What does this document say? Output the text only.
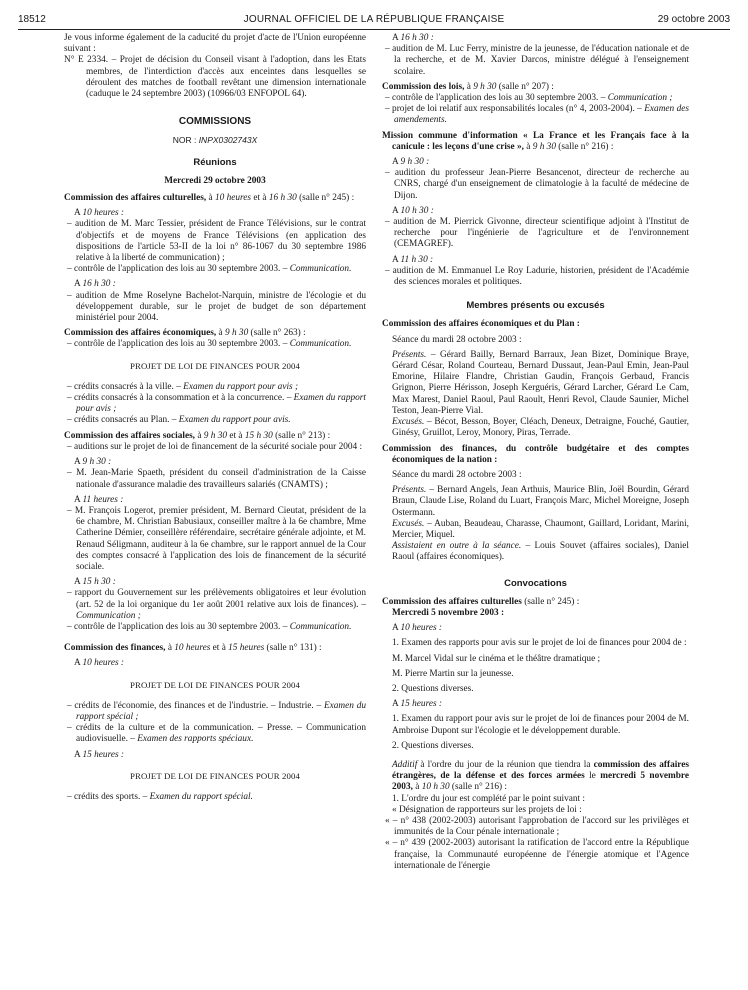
18512	JOURNAL OFFICIEL DE LA RÉPUBLIQUE FRANÇAISE	29 octobre 2003

Je vous informe également de la caducité du projet d'acte de l'Union européenne suivant :

N° E 2334. – Projet de décision du Conseil visant à l'adoption, dans les Etats membres, de l'interdiction d'accès aux enceintes dans lesquelles se déroulent des matches de football revêtant une dimension internationale (caduque le 24 septembre 2003) (10966/03 ENFOPOL 64).

COMMISSIONS

NOR : INPX0302743X

Réunions

Mercredi 29 octobre 2003

Commission des affaires culturelles, à 10 heures et à 16 h 30 (salle n° 245) :

A 10 heures :

– audition de M. Marc Tessier, président de France Télévisions, sur le contrat d'objectifs et de moyens de France Télévisions (en application des dispositions de l'article 53-II de la loi n° 86-1067 du 30 septembre 1986 relative à la liberté de communication) ;

– contrôle de l'application des lois au 30 septembre 2003. – Communication.

A 16 h 30 :

– audition de Mme Roselyne Bachelot-Narquin, ministre de l'écologie et du développement durable, sur le projet de budget de son département ministériel pour 2004.

Commission des affaires économiques, à 9 h 30 (salle n° 263) :

– contrôle de l'application des lois au 30 septembre 2003. – Communication.

PROJET DE LOI DE FINANCES POUR 2004

– crédits consacrés à la ville. – Examen du rapport pour avis ;

– crédits consacrés à la consommation et à la concurrence. – Examen du rapport pour avis ;

– crédits consacrés au Plan. – Examen du rapport pour avis.

Commission des affaires sociales, à 9 h 30 et à 15 h 30 (salle n° 213) :

– auditions sur le projet de loi de financement de la sécurité sociale pour 2004 :

A 9 h 30 :

– M. Jean-Marie Spaeth, président du conseil d'administration de la Caisse nationale d'assurance maladie des travailleurs salariés (CNAMTS) ;

A 11 heures :

– M. François Logerot, premier président, M. Bernard Cieutat, président de la 6e chambre, M. Christian Babusiaux, conseiller maître à la 6e chambre, Mme Catherine Démier, conseillère référendaire, secrétaire générale adjointe, et M. Renaud Séligmann, auditeur à la 6e chambre, sur le rapport annuel de la Cour des comptes consacré à l'application des lois de financement de la sécurité sociale.

A 15 h 30 :

– rapport du Gouvernement sur les prélèvements obligatoires et leur évolution (art. 52 de la loi organique du 1er août 2001 relative aux lois de finances). – Communication ;

– contrôle de l'application des lois au 30 septembre 2003. – Communication.

Commission des finances, à 10 heures et à 15 heures (salle n° 131) :

A 10 heures :

PROJET DE LOI DE FINANCES POUR 2004

– crédits de l'économie, des finances et de l'industrie. – Industrie. – Examen du rapport spécial ;

– crédits de la culture et de la communication. – Presse. – Communication audiovisuelle. – Examen des rapports spéciaux.

A 15 heures :

PROJET DE LOI DE FINANCES POUR 2004

– crédits des sports. – Examen du rapport spécial.

A 16 h 30 :

– audition de M. Luc Ferry, ministre de la jeunesse, de l'éducation nationale et de la recherche, et de M. Xavier Darcos, ministre délégué à l'enseignement scolaire.

Commission des lois, à 9 h 30 (salle n° 207) :

– contrôle de l'application des lois au 30 septembre 2003. – Communication ;

– projet de loi relatif aux responsabilités locales (n° 4, 2003-2004). – Examen des amendements.

Mission commune d'information « La France et les Français face à la canicule : les leçons d'une crise », à 9 h 30 (salle n° 216) :

A 9 h 30 :

– audition du professeur Jean-Pierre Besancenot, directeur de recherche au CNRS, chargé d'un enseignement de climatologie à la faculté de médecine de Dijon.

A 10 h 30 :

– audition de M. Pierrick Givonne, directeur scientifique adjoint à l'Institut de recherche pour l'ingénierie de l'agriculture et de l'environnement (CEMAGREF).

A 11 h 30 :

– audition de M. Emmanuel Le Roy Ladurie, historien, président de l'Académie des sciences morales et politiques.

Membres présents ou excusés

Commission des affaires économiques et du Plan :

Séance du mardi 28 octobre 2003 :

Présents. – Gérard Bailly, Bernard Barraux, Jean Bizet, Dominique Braye, Gérard César, Roland Courteau, Bernard Dussaut, Jean-Paul Emin, Jean-Paul Emorine, Hilaire Flandre, Christian Gaudin, François Gerbaud, Francis Grignon, Pierre Hérisson, Joseph Kerguéris, Gérard Larcher, Gérard Le Cam, Max Marest, Daniel Raoul, Paul Raoult, Henri Revol, Claude Saunier, Michel Teston, Jean-Pierre Vial.

Excusés. – Bécot, Besson, Boyer, Cléach, Deneux, Detraigne, Fouché, Gautier, Ginésy, Gruillot, Leroy, Monory, Piras, Terrade.

Commission des finances, du contrôle budgétaire et des comptes économiques de la nation :

Séance du mardi 28 octobre 2003 :

Présents. – Bernard Angels, Jean Arthuis, Maurice Blin, Joël Bourdin, Gérard Braun, Claude Lise, Roland du Luart, François Marc, Michel Moreigne, Joseph Ostermann.

Excusés. – Auban, Beaudeau, Charasse, Chaumont, Gaillard, Loridant, Marini, Mercier, Miquel.

Assistaient en outre à la séance. – Louis Souvet (affaires sociales), Daniel Raoul (affaires économiques).

Convocations

Commission des affaires culturelles (salle n° 245) :

Mercredi 5 novembre 2003 :

A 10 heures :

1. Examen des rapports pour avis sur le projet de loi de finances pour 2004 de :

M. Marcel Vidal sur le cinéma et le théâtre dramatique ;

M. Pierre Martin sur la jeunesse.

2. Questions diverses.

A 15 heures :

1. Examen du rapport pour avis sur le projet de loi de finances pour 2004 de M. Ambroise Dupont sur l'écologie et le développement durable.

2. Questions diverses.

Additif à l'ordre du jour de la réunion que tiendra la commission des affaires étrangères, de la défense et des forces armées le mercredi 5 novembre 2003, à 10 h 30 (salle n° 216) :

1. L'ordre du jour est complété par le point suivant :

« Désignation de rapporteurs sur les projets de loi :

« – n° 438 (2002-2003) autorisant l'approbation de l'accord sur les privilèges et immunités de la Cour pénale internationale ;

« – n° 439 (2002-2003) autorisant la ratification de l'accord entre la République française, la Communauté européenne de l'énergie atomique et l'Agence internationale de l'énergie
